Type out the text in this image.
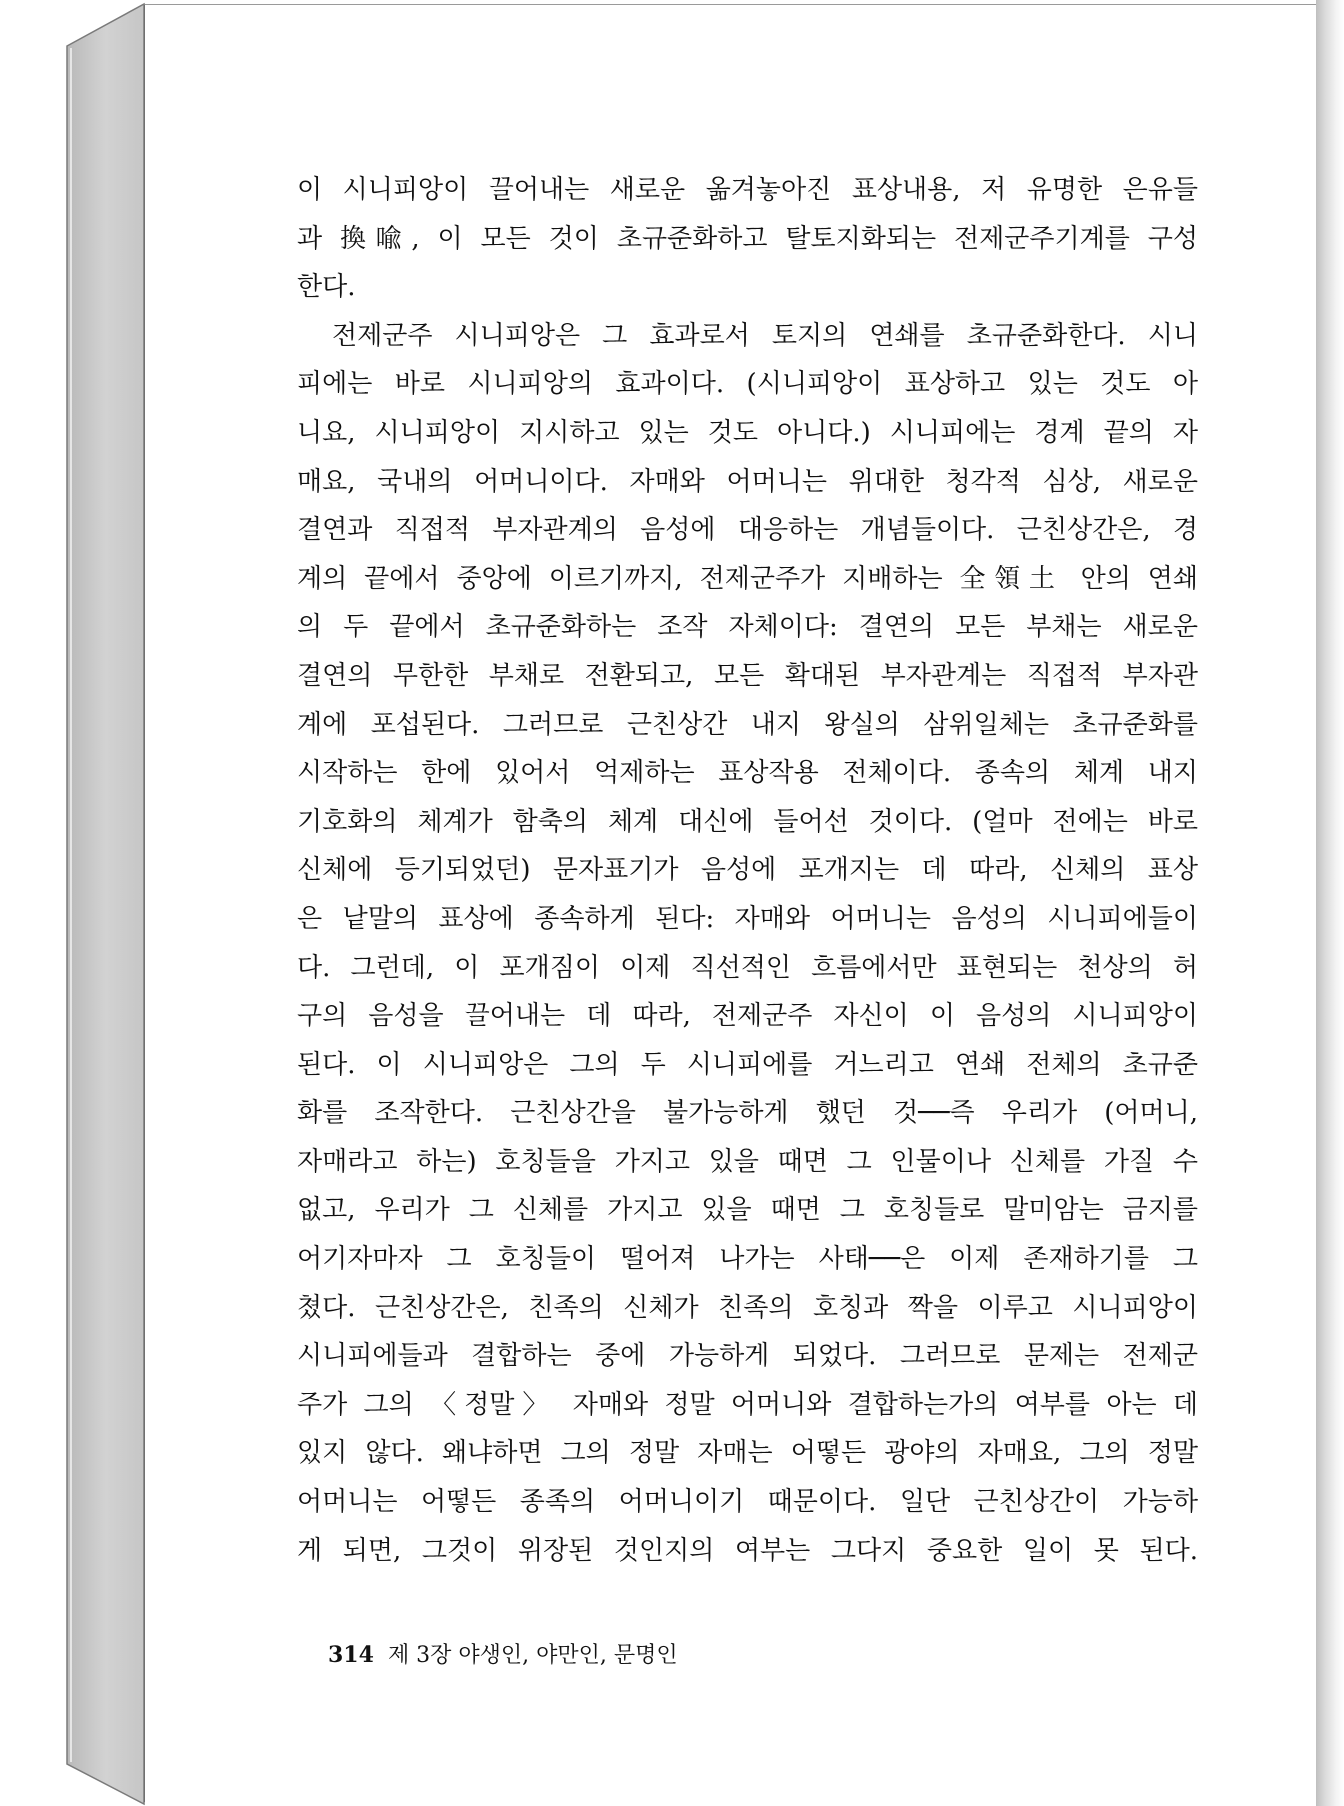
이 시니피앙이 끌어내는 새로운 옮겨놓아진 표상내용, 저 유명한 은유들
과 換喩, 이 모든 것이 초규준화하고 탈토지화되는 전제군주기계를 구성
한다.
전제군주 시니피앙은 그 효과로서 토지의 연쇄를 초규준화한다. 시니
피에는 바로 시니피앙의 효과이다. (시니피앙이 표상하고 있는 것도 아
니요, 시니피앙이 지시하고 있는 것도 아니다.) 시니피에는 경계 끝의 자
매요, 국내의 어머니이다. 자매와 어머니는 위대한 청각적 심상, 새로운
결연과 직접적 부자관계의 음성에 대응하는 개념들이다. 근친상간은, 경
계의 끝에서 중앙에 이르기까지, 전제군주가 지배하는 全領土 안의 연쇄
의 두 끝에서 초규준화하는 조작 자체이다: 결연의 모든 부채는 새로운
결연의 무한한 부채로 전환되고, 모든 확대된 부자관계는 직접적 부자관
계에 포섭된다. 그러므로 근친상간 내지 왕실의 삼위일체는 초규준화를
시작하는 한에 있어서 억제하는 표상작용 전체이다. 종속의 체계 내지
기호화의 체계가 함축의 체계 대신에 들어선 것이다. (얼마 전에는 바로
신체에 등기되었던) 문자표기가 음성에 포개지는 데 따라, 신체의 표상
은 낱말의 표상에 종속하게 된다: 자매와 어머니는 음성의 시니피에들이
다. 그런데, 이 포개짐이 이제 직선적인 흐름에서만 표현되는 천상의 허
구의 음성을 끌어내는 데 따라, 전제군주 자신이 이 음성의 시니피앙이
된다. 이 시니피앙은 그의 두 시니피에를 거느리고 연쇄 전체의 초규준
화를 조작한다. 근친상간을 불가능하게 했던 것──즉 우리가 (어머니,
자매라고 하는) 호칭들을 가지고 있을 때면 그 인물이나 신체를 가질 수
없고, 우리가 그 신체를 가지고 있을 때면 그 호칭들로 말미암는 금지를
어기자마자 그 호칭들이 떨어져 나가는 사태──은 이제 존재하기를 그
쳤다. 근친상간은, 친족의 신체가 친족의 호칭과 짝을 이루고 시니피앙이
시니피에들과 결합하는 중에 가능하게 되었다. 그러므로 문제는 전제군
주가 그의 〈정말〉 자매와 정말 어머니와 결합하는가의 여부를 아는 데
있지 않다. 왜냐하면 그의 정말 자매는 어떻든 광야의 자매요, 그의 정말
어머니는 어떻든 종족의 어머니이기 때문이다. 일단 근친상간이 가능하
게 되면, 그것이 위장된 것인지의 여부는 그다지 중요한 일이 못 된다.
314 제 3장 야생인, 야만인, 문명인
